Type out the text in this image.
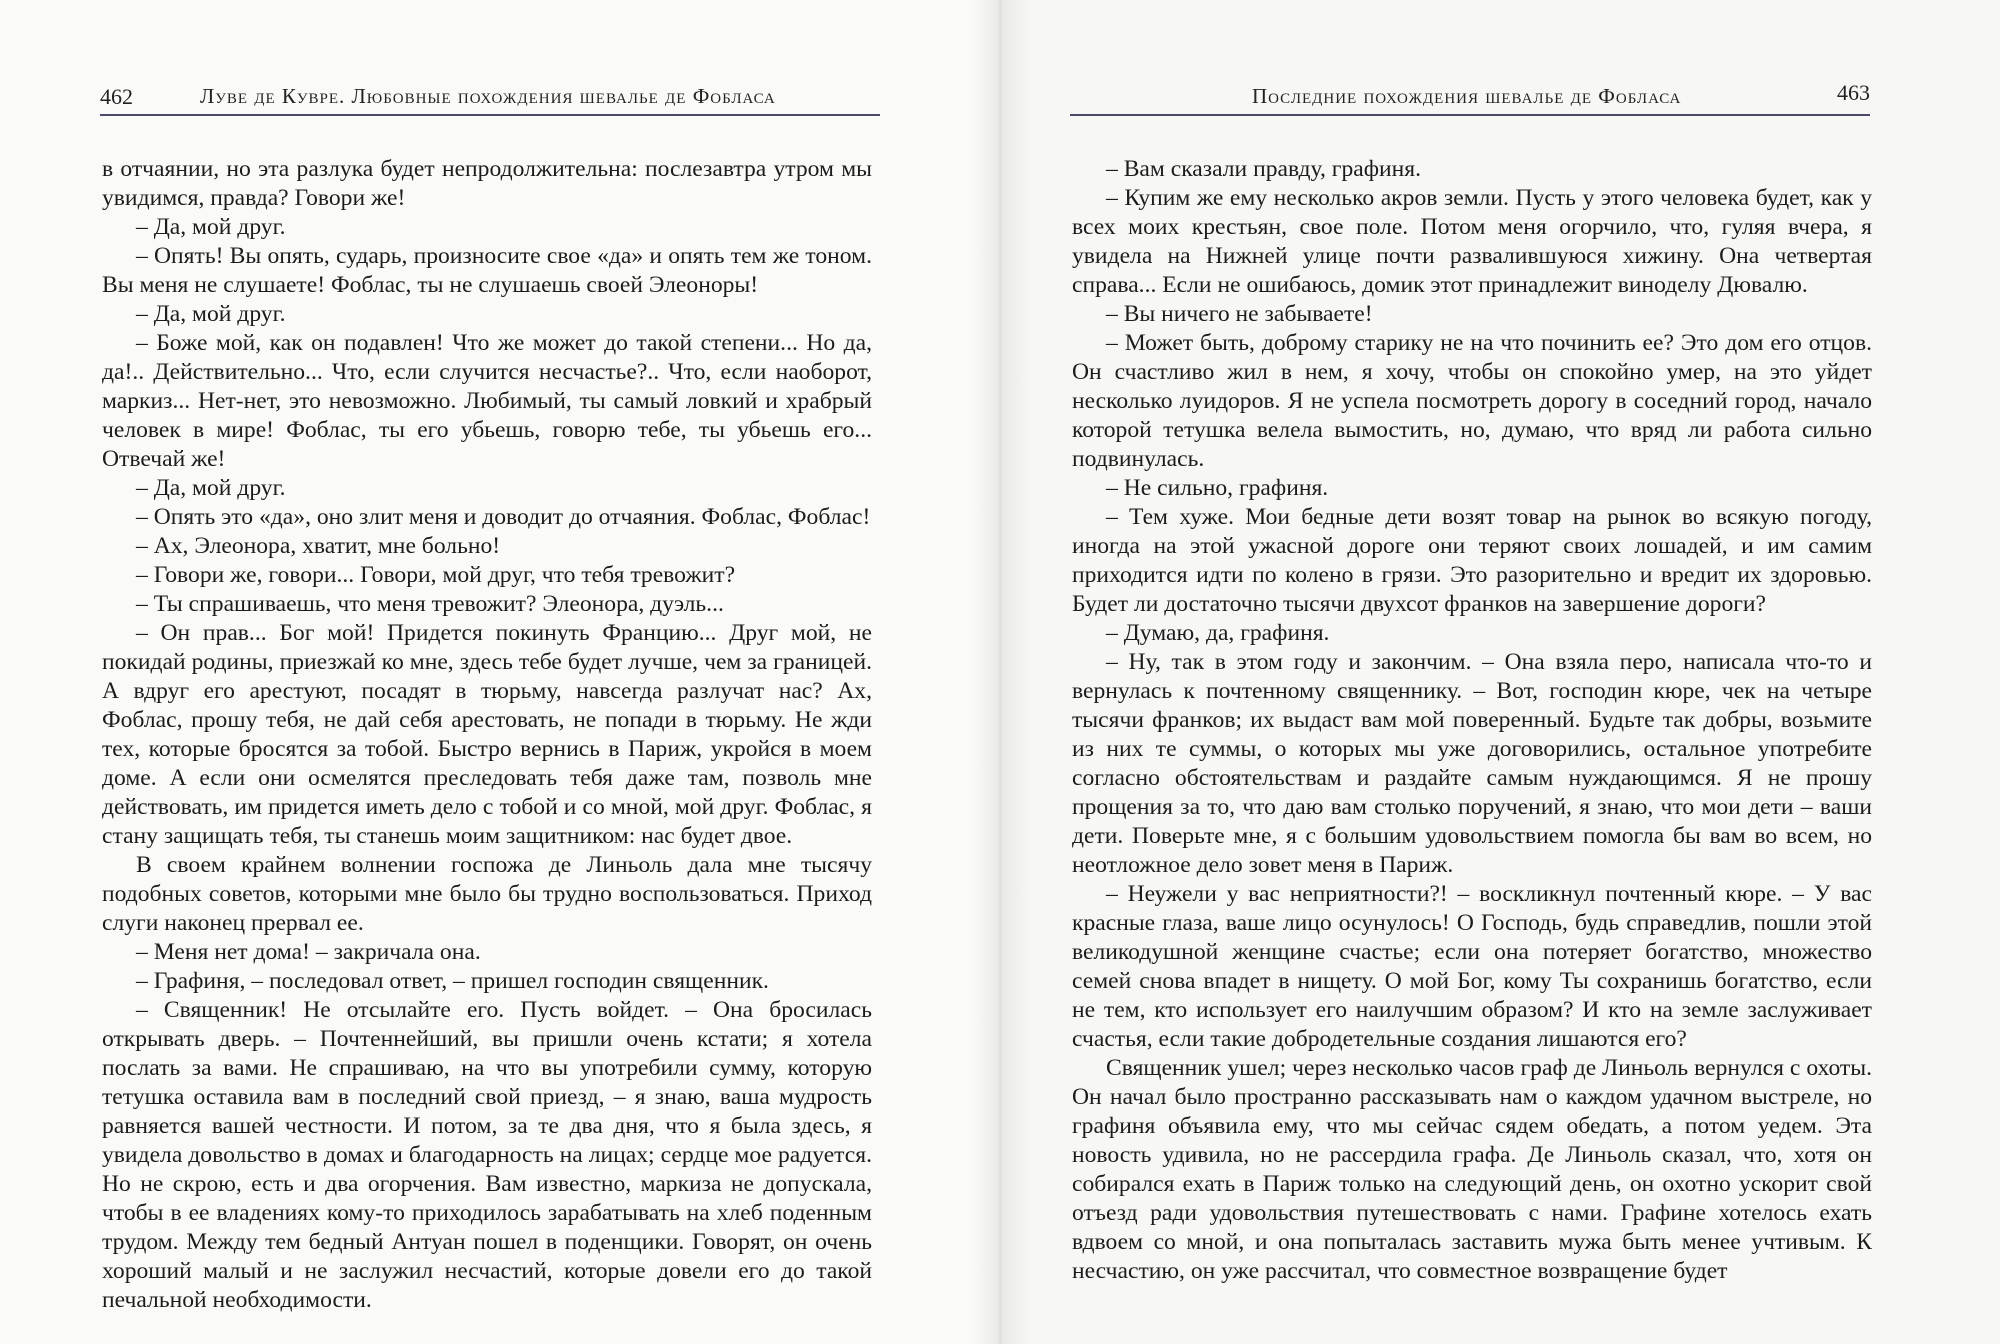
462	Луве де Кувре. Любовные похождения шевалье де Фобласа

в отчаянии, но эта разлука будет непродолжительна: послезавтра утром мы увидимся, правда? Говори же!

– Да, мой друг.

– Опять! Вы опять, сударь, произносите свое «да» и опять тем же тоном. Вы меня не слушаете! Фоблас, ты не слушаешь своей Элеоноры!

– Да, мой друг.

– Боже мой, как он подавлен! Что же может до такой степени... Но да, да!.. Действительно... Что, если случится несчастье?.. Что, если наоборот, маркиз... Нет-нет, это невозможно. Любимый, ты самый ловкий и храбрый человек в мире! Фоблас, ты его убьешь, говорю тебе, ты убьешь его... Отвечай же!

– Да, мой друг.

– Опять это «да», оно злит меня и доводит до отчаяния. Фоблас, Фоблас!

– Ах, Элеонора, хватит, мне больно!

– Говори же, говори... Говори, мой друг, что тебя тревожит?

– Ты спрашиваешь, что меня тревожит? Элеонора, дуэль...

– Он прав... Бог мой! Придется покинуть Францию... Друг мой, не покидай родины, приезжай ко мне, здесь тебе будет лучше, чем за границей. А вдруг его арестуют, посадят в тюрьму, навсегда разлучат нас? Ах, Фоблас, прошу тебя, не дай себя арестовать, не попади в тюрьму. Не жди тех, которые бросятся за тобой. Быстро вернись в Париж, укройся в моем доме. А если они осмелятся преследовать тебя даже там, позволь мне действовать, им придется иметь дело с тобой и со мной, мой друг. Фоблас, я стану защищать тебя, ты станешь моим защитником: нас будет двое.

В своем крайнем волнении госпожа де Линьоль дала мне тысячу подобных советов, которыми мне было бы трудно воспользоваться. Приход слуги наконец прервал ее.

– Меня нет дома! – закричала она.

– Графиня, – последовал ответ, – пришел господин священник.

– Священник! Не отсылайте его. Пусть войдет. – Она бросилась открывать дверь. – Почтеннейший, вы пришли очень кстати; я хотела послать за вами. Не спрашиваю, на что вы употребили сумму, которую тетушка оставила вам в последний свой приезд, – я знаю, ваша мудрость равняется вашей честности. И потом, за те два дня, что я была здесь, я увидела довольство в домах и благодарность на лицах; сердце мое радуется. Но не скрою, есть и два огорчения. Вам известно, маркиза не допускала, чтобы в ее владениях кому-то приходилось зарабатывать на хлеб поденным трудом. Между тем бедный Антуан пошел в поденщики. Говорят, он очень хороший малый и не заслужил несчастий, которые довели его до такой печальной необходимости.

Последние похождения шевалье де Фобласа	463

– Вам сказали правду, графиня.

– Купим же ему несколько акров земли. Пусть у этого человека будет, как у всех моих крестьян, свое поле. Потом меня огорчило, что, гуляя вчера, я увидела на Нижней улице почти развалившуюся хижину. Она четвертая справа... Если не ошибаюсь, домик этот принадлежит виноделу Дювалю.

– Вы ничего не забываете!

– Может быть, доброму старику не на что починить ее? Это дом его отцов. Он счастливо жил в нем, я хочу, чтобы он спокойно умер, на это уйдет несколько луидоров. Я не успела посмотреть дорогу в соседний город, начало которой тетушка велела вымостить, но, думаю, что вряд ли работа сильно подвинулась.

– Не сильно, графиня.

– Тем хуже. Мои бедные дети возят товар на рынок во всякую погоду, иногда на этой ужасной дороге они теряют своих лошадей, и им самим приходится идти по колено в грязи. Это разорительно и вредит их здоровью. Будет ли достаточно тысячи двухсот франков на завершение дороги?

– Думаю, да, графиня.

– Ну, так в этом году и закончим. – Она взяла перо, написала что-то и вернулась к почтенному священнику. – Вот, господин кюре, чек на четыре тысячи франков; их выдаст вам мой поверенный. Будьте так добры, возьмите из них те суммы, о которых мы уже договорились, остальное употребите согласно обстоятельствам и раздайте самым нуждающимся. Я не прошу прощения за то, что даю вам столько поручений, я знаю, что мои дети – ваши дети. Поверьте мне, я с большим удовольствием помогла бы вам во всем, но неотложное дело зовет меня в Париж.

– Неужели у вас неприятности?! – воскликнул почтенный кюре. – У вас красные глаза, ваше лицо осунулось! О Господь, будь справедлив, пошли этой великодушной женщине счастье; если она потеряет богатство, множество семей снова впадет в нищету. О мой Бог, кому Ты сохранишь богатство, если не тем, кто использует его наилучшим образом? И кто на земле заслуживает счастья, если такие добродетельные создания лишаются его?

Священник ушел; через несколько часов граф де Линьоль вернулся с охоты. Он начал было пространно рассказывать нам о каждом удачном выстреле, но графиня объявила ему, что мы сейчас сядем обедать, а потом уедем. Эта новость удивила, но не рассердила графа. Де Линьоль сказал, что, хотя он собирался ехать в Париж только на следующий день, он охотно ускорит свой отъезд ради удовольствия путешествовать с нами. Графине хотелось ехать вдвоем со мной, и она попыталась заставить мужа быть менее учтивым. К несчастию, он уже рассчитал, что совместное возвращение будет
